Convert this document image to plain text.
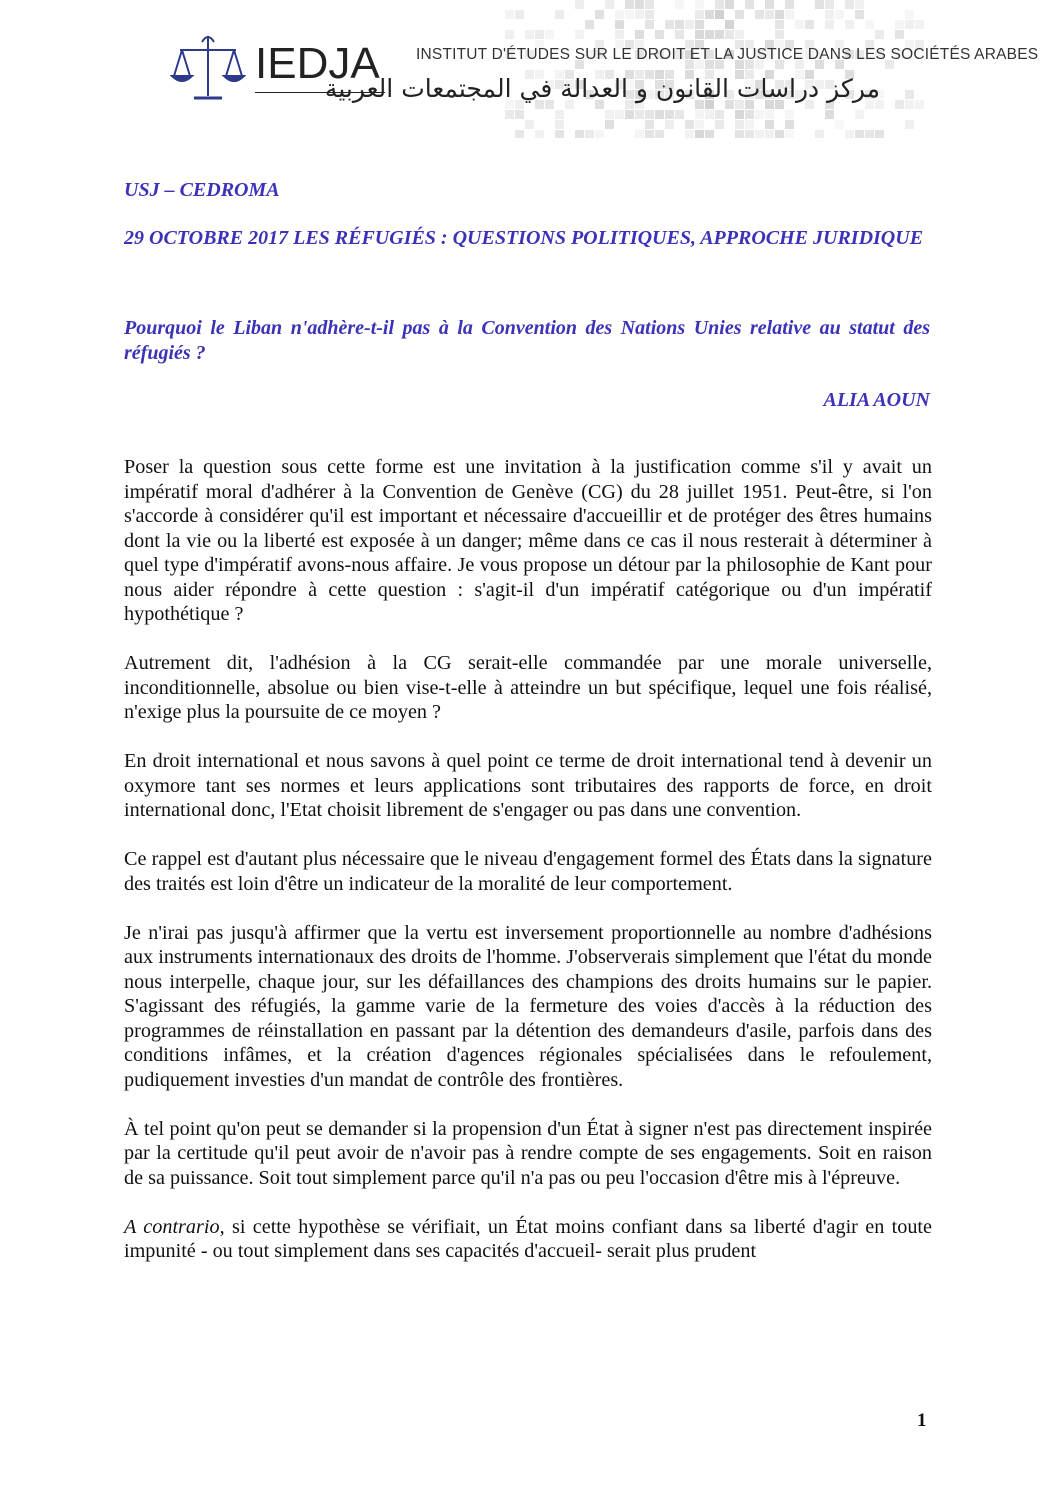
IEDJA INSTITUT D'ÉTUDES SUR LE DROIT ET LA JUSTICE DANS LES SOCIÉTÉS ARABES
مركز دراسات القانون و العدالة في المجتمعات العربية
USJ – CEDROMA
29 OCTOBRE 2017 LES RÉFUGIÉS : QUESTIONS POLITIQUES, APPROCHE JURIDIQUE
Pourquoi le Liban n'adhère-t-il pas à la Convention des Nations Unies relative au statut des réfugiés ?
ALIA AOUN

Poser la question sous cette forme est une invitation à la justification comme s'il y avait un impératif moral d'adhérer à la Convention de Genève (CG) du 28 juillet 1951. Peut-être, si l'on s'accorde à considérer qu'il est important et nécessaire d'accueillir et de protéger des êtres humains dont la vie ou la liberté est exposée à un danger; même dans ce cas il nous resterait à déterminer à quel type d'impératif avons-nous affaire. Je vous propose un détour par la philosophie de Kant pour nous aider répondre à cette question : s'agit-il d'un impératif catégorique ou d'un impératif hypothétique ?

Autrement dit, l'adhésion à la CG serait-elle commandée par une morale universelle, inconditionnelle, absolue ou bien vise-t-elle à atteindre un but spécifique, lequel une fois réalisé, n'exige plus la poursuite de ce moyen ?

En droit international et nous savons à quel point ce terme de droit international tend à devenir un oxymore tant ses normes et leurs applications sont tributaires des rapports de force, en droit international donc, l'Etat choisit librement de s'engager ou pas dans une convention.

Ce rappel est d'autant plus nécessaire que le niveau d'engagement formel des États dans la signature des traités est loin d'être un indicateur de la moralité de leur comportement.

Je n'irai pas jusqu'à affirmer que la vertu est inversement proportionnelle au nombre d'adhésions aux instruments internationaux des droits de l'homme. J'observerais simplement que l'état du monde nous interpelle, chaque jour, sur les défaillances des champions des droits humains sur le papier. S'agissant des réfugiés, la gamme varie de la fermeture des voies d'accès à la réduction des programmes de réinstallation en passant par la détention des demandeurs d'asile, parfois dans des conditions infâmes, et la création d'agences régionales spécialisées dans le refoulement, pudiquement investies d'un mandat de contrôle des frontières.

À tel point qu'on peut se demander si la propension d'un État à signer n'est pas directement inspirée par la certitude qu'il peut avoir de n'avoir pas à rendre compte de ses engagements. Soit en raison de sa puissance. Soit tout simplement parce qu'il n'a pas ou peu l'occasion d'être mis à l'épreuve.

A contrario, si cette hypothèse se vérifiait, un État moins confiant dans sa liberté d'agir en toute impunité - ou tout simplement dans ses capacités d'accueil- serait plus prudent

1
